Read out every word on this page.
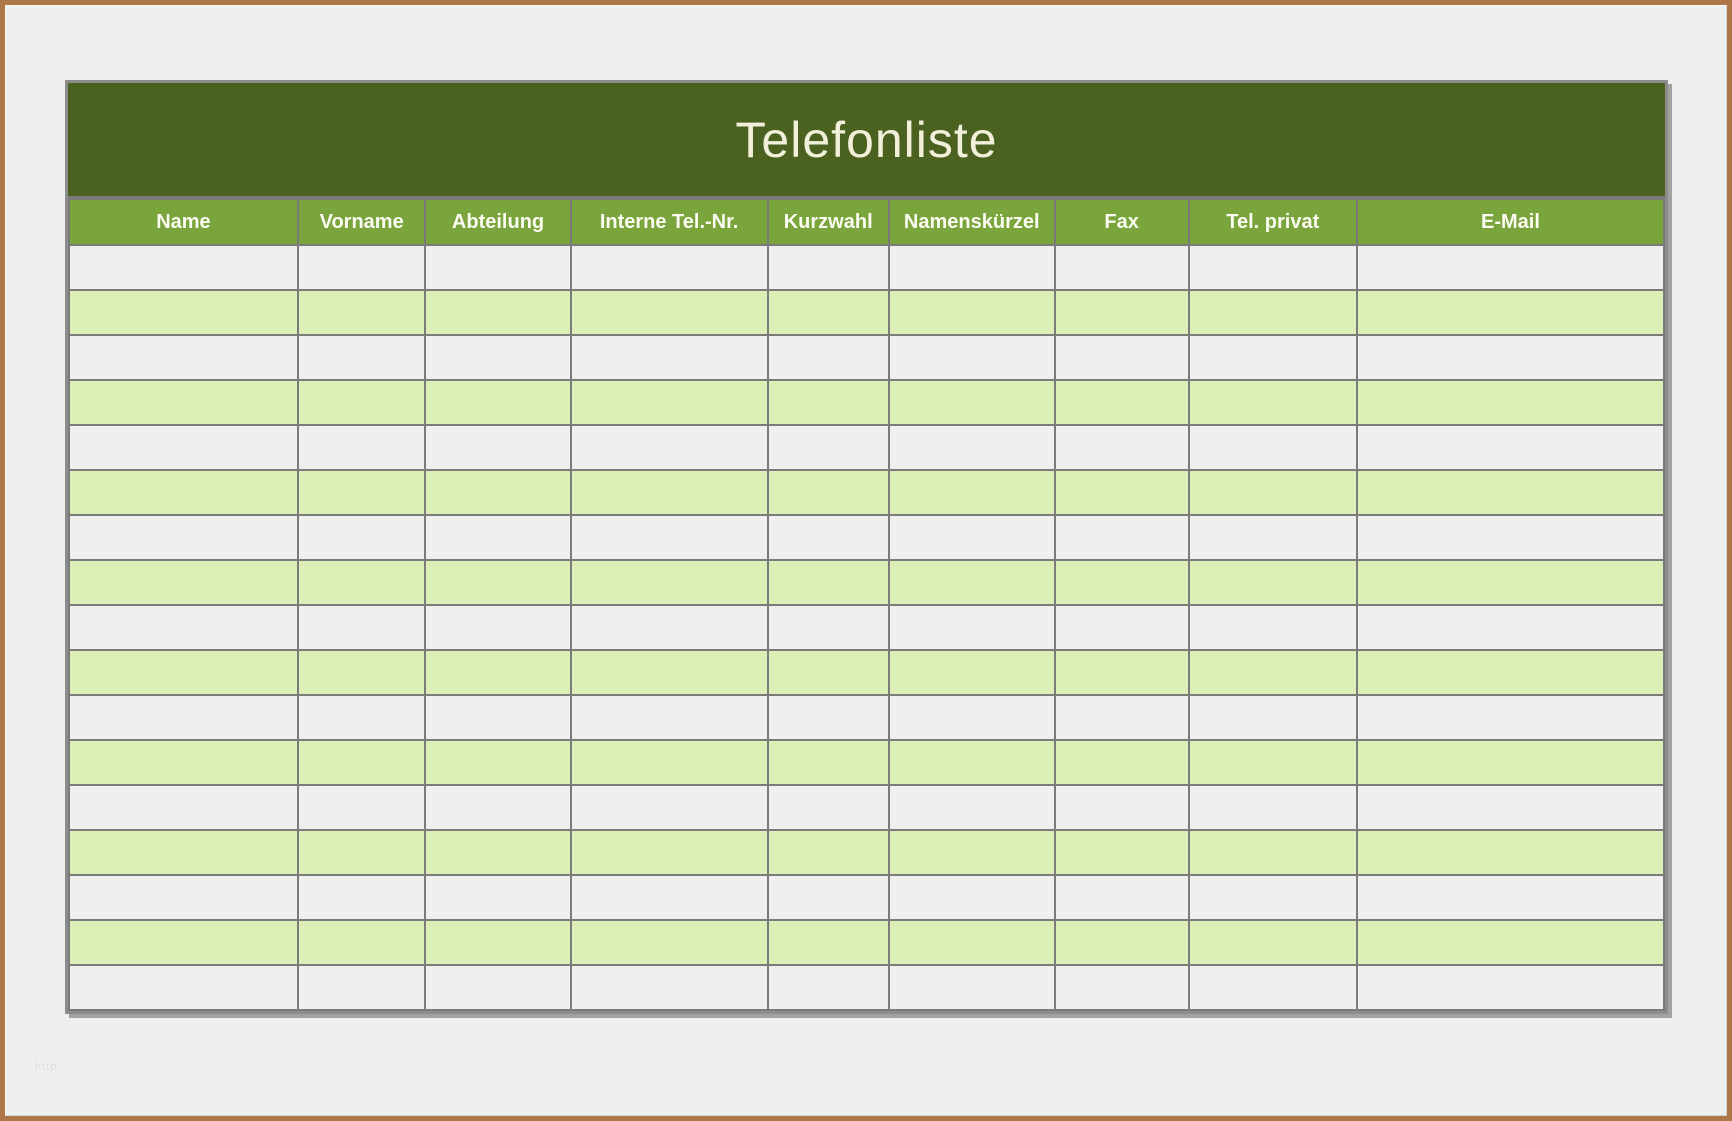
Telefonliste
Name	Vorname	Abteilung	Interne Tel.-Nr.	Kurzwahl	Namenskürzel	Fax	Tel. privat	E-Mail

http
